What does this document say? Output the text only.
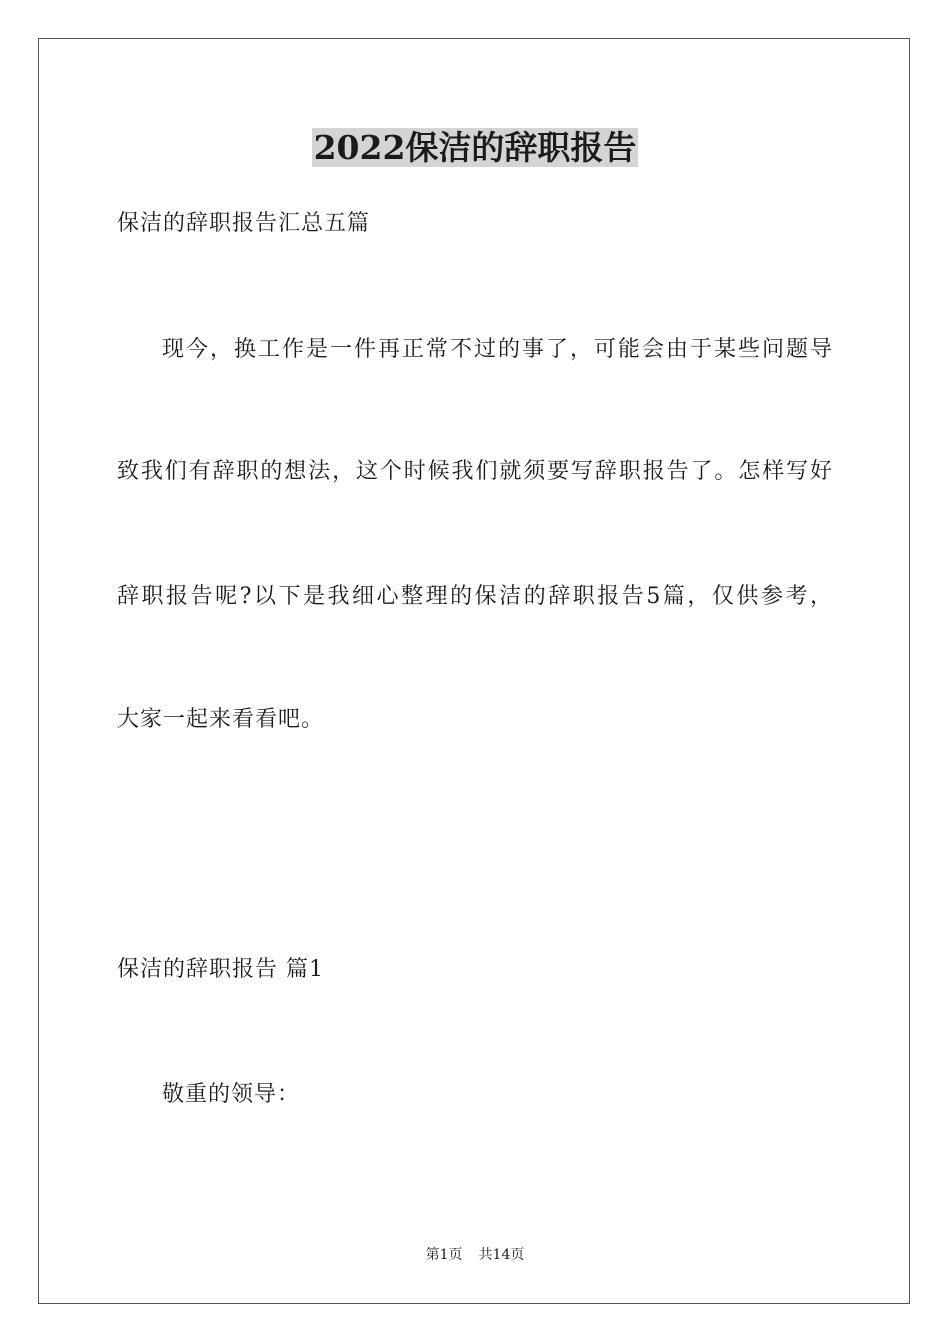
2022保洁的辞职报告
保洁的辞职报告汇总五篇
现今，换工作是一件再正常不过的事了，可能会由于某些问题导
致我们有辞职的想法，这个时候我们就须要写辞职报告了。怎样写好
辞职报告呢?以下是我细心整理的保洁的辞职报告5篇，仅供参考，
大家一起来看看吧。
保洁的辞职报告 篇1
敬重的领导：
第1页 共14页
